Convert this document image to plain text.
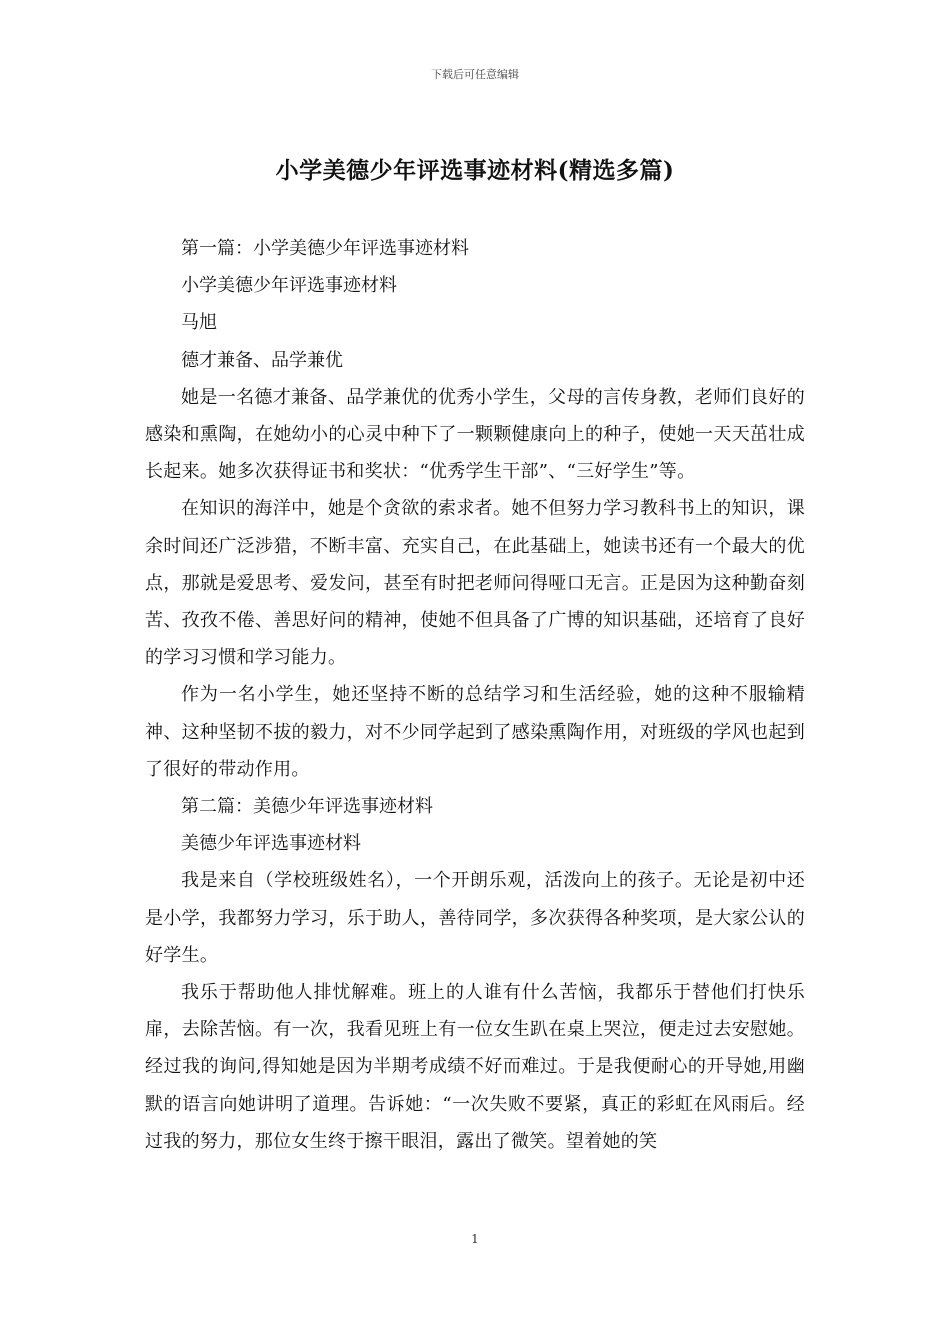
下载后可任意编辑
小学美德少年评选事迹材料(精选多篇)
第一篇：小学美德少年评选事迹材料
小学美德少年评选事迹材料
马旭
德才兼备、品学兼优

她是一名德才兼备、品学兼优的优秀小学生，父母的言传身教，老师们良好的感染和熏陶，在她幼小的心灵中种下了一颗颗健康向上的种子，使她一天天茁壮成长起来。她多次获得证书和奖状：“优秀学生干部”、“三好学生”等。

在知识的海洋中，她是个贪欲的索求者。她不但努力学习教科书上的知识，课余时间还广泛涉猎，不断丰富、充实自己，在此基础上，她读书还有一个最大的优点，那就是爱思考、爱发问，甚至有时把老师问得哑口无言。正是因为这种勤奋刻苦、孜孜不倦、善思好问的精神，使她不但具备了广博的知识基础，还培育了良好的学习习惯和学习能力。

作为一名小学生，她还坚持不断的总结学习和生活经验，她的这种不服输精神、这种坚韧不拔的毅力，对不少同学起到了感染熏陶作用，对班级的学风也起到了很好的带动作用。

第二篇：美德少年评选事迹材料
美德少年评选事迹材料

我是来自（学校班级姓名），一个开朗乐观，活泼向上的孩子。无论是初中还是小学，我都努力学习，乐于助人，善待同学，多次获得各种奖项，是大家公认的好学生。

我乐于帮助他人排忧解难。班上的人谁有什么苦恼，我都乐于替他们打快乐扉，去除苦恼。有一次，我看见班上有一位女生趴在桌上哭泣，便走过去安慰她。经过我的询问,得知她是因为半期考成绩不好而难过。于是我便耐心的开导她,用幽默的语言向她讲明了道理。告诉她：“一次失败不要紧，真正的彩虹在风雨后。经过我的努力，那位女生终于擦干眼泪，露出了微笑。望着她的笑

1
